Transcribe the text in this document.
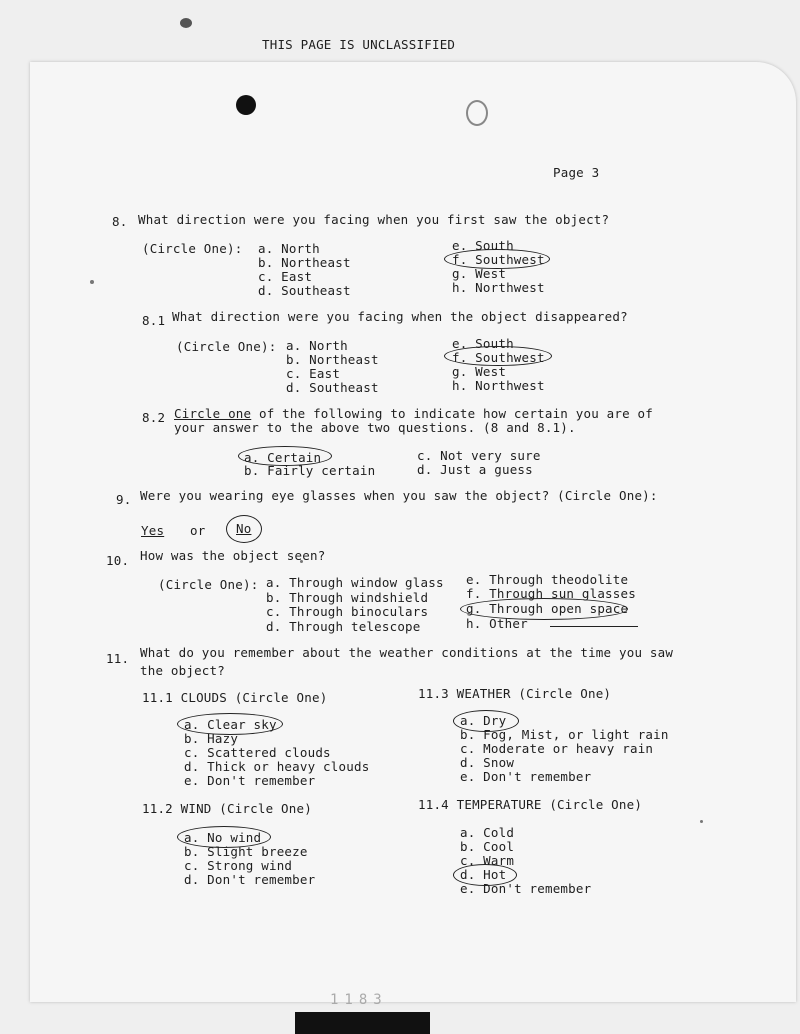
THIS PAGE IS UNCLASSIFIED
Page 3
8. What direction were you facing when you first saw the object?
(Circle One): a. North
b. Northeast
c. East
d. Southeast
e. South
f. Southwest
g. West
h. Northwest
8.1 What direction were you facing when the object disappeared?
(Circle One): a. North
b. Northeast
c. East
d. Southeast
e. South
f. Southwest
g. West
h. Northwest
8.2 Circle one of the following to indicate how certain you are of
your answer to the above two questions. (8 and 8.1).
a. Certain
b. Fairly certain
c. Not very sure
d. Just a guess
9. Were you wearing eye glasses when you saw the object? (Circle One):
Yes or No
10. How was the object seen?
(Circle One): a. Through window glass
b. Through windshield
c. Through binoculars
d. Through telescope
e. Through theodolite
f. Through sun glasses
g. Through open space
h. Other
11. What do you remember about the weather conditions at the time you saw
the object?
11.1 CLOUDS (Circle One)
a. Clear sky
b. Hazy
c. Scattered clouds
d. Thick or heavy clouds
e. Don't remember
11.3 WEATHER (Circle One)
a. Dry
b. Fog, Mist, or light rain
c. Moderate or heavy rain
d. Snow
e. Don't remember
11.2 WIND (Circle One)
a. No wind
b. Slight breeze
c. Strong wind
d. Don't remember
11.4 TEMPERATURE (Circle One)
a. Cold
b. Cool
c. Warm
d. Hot
e. Don't remember
1183
